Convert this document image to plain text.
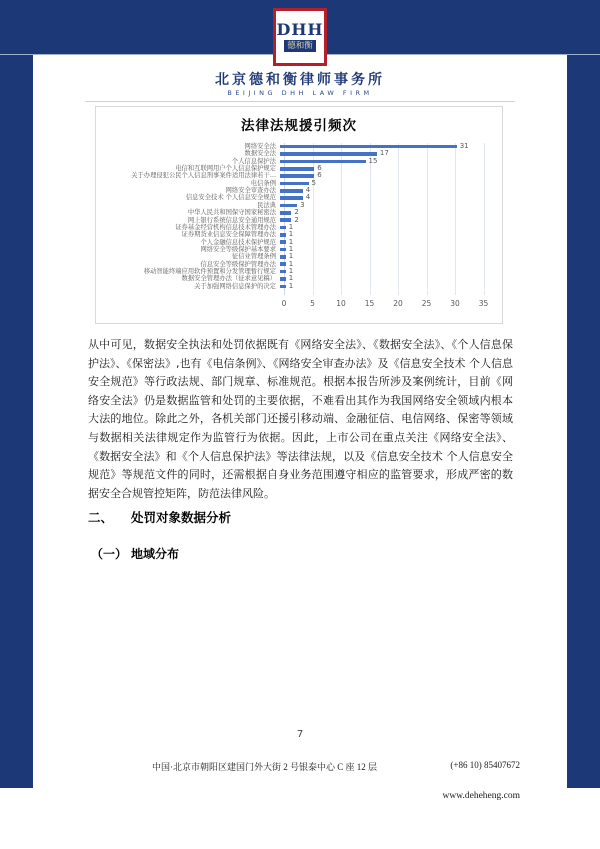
DHH
德和衡
北京德和衡律师事务所
BEIJING DHH LAW FIRM
法律法规援引频次
0	5	10	15	20	25	30	35
网络安全法	31
数据安全法	17
个人信息保护法	15
电信和互联网用户个人信息保护规定	6
关于办理侵犯公民个人信息刑事案件适用法律若干…	6
电信条例	5
网络安全审查办法	4
信息安全技术 个人信息安全规范	4
民法典	3
中华人民共和国保守国家秘密法	2
网上银行系统信息安全通用规范	2
证券基金经营机构信息技术管理办法	1
证券期货业信息安全保障管理办法	1
个人金融信息技术保护规范	1
网络安全等级保护基本要求	1
征信业管理条例	1
信息安全等级保护管理办法	1
移动智能终端应用软件预置和分发管理暂行规定	1
数据安全管理办法（征求意见稿）	1
关于加强网络信息保护的决定	1
从中可见，数据安全执法和处罚依据既有《网络安全法》、《数据安全法》、《个人信息保护法》、《保密法》,也有《电信条例》、《网络安全审查办法》及《信息安全技术 个人信息安全规范》等行政法规、部门规章、标准规范。根据本报告所涉及案例统计，目前《网络安全法》仍是数据监管和处罚的主要依据，不难看出其作为我国网络安全领域内根本大法的地位。除此之外，各机关部门还援引移动端、金融征信、电信网络、保密等领域与数据相关法律规定作为监管行为依据。因此，上市公司在重点关注《网络安全法》、《数据安全法》和《个人信息保护法》等法律法规，以及《信息安全技术 个人信息安全规范》等规范文件的同时，还需根据自身业务范围遵守相应的监管要求，形成严密的数据安全合规管控矩阵，防范法律风险。
二、 处罚对象数据分析
（一） 地域分布
7
中国·北京市朝阳区建国门外大街 2 号银泰中心 C 座 12 层	(+86 10) 85407672
www.deheheng.com
